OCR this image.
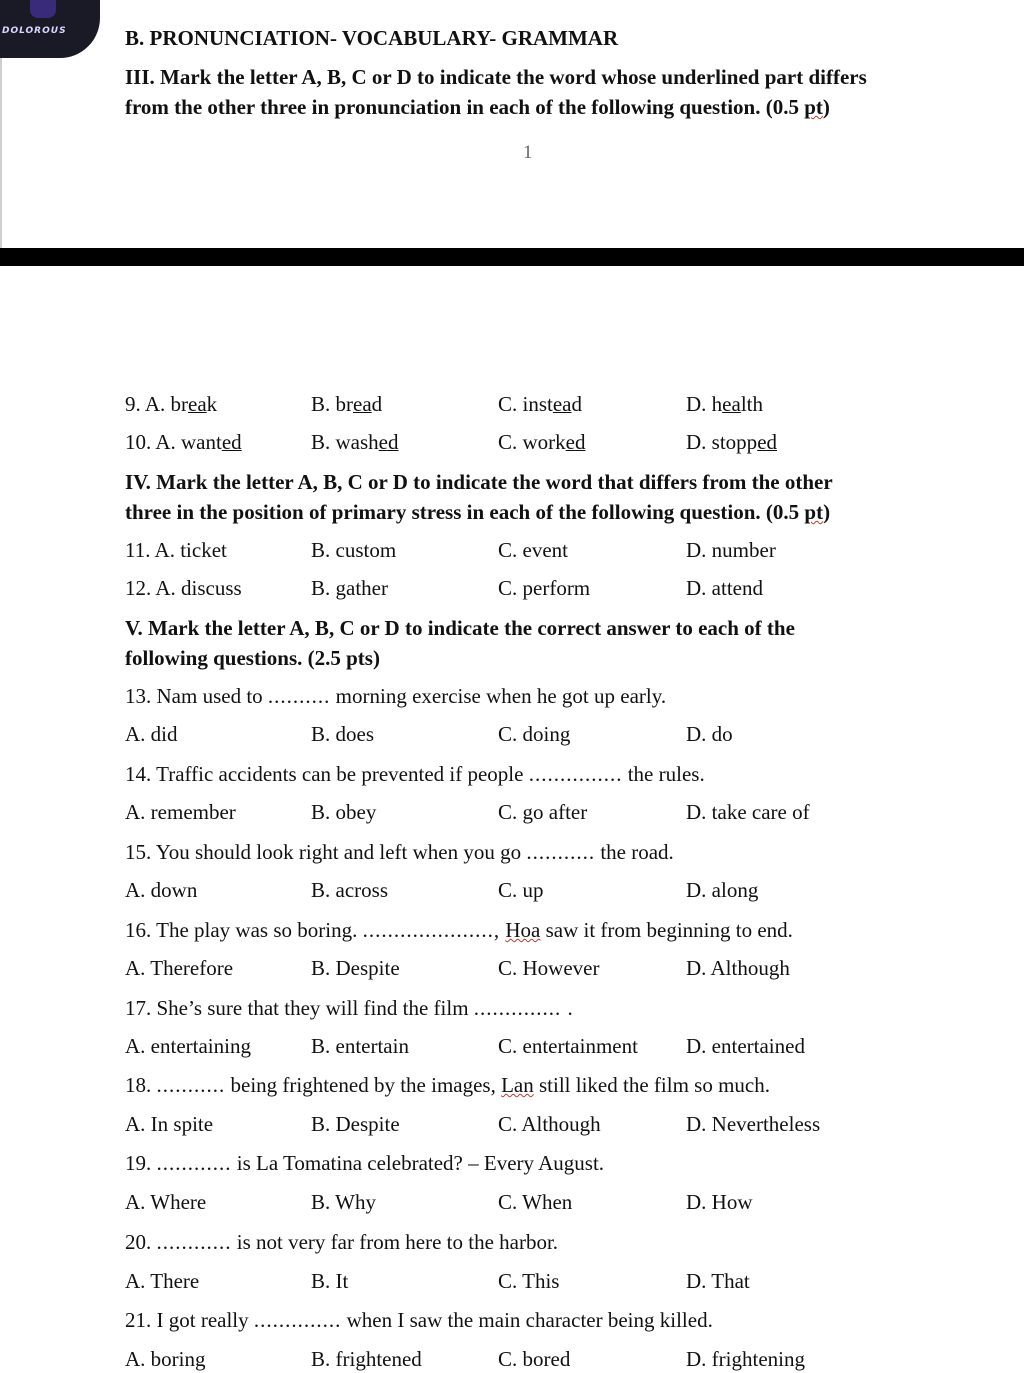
DOLOROUS	B. PRONUNCIATION- VOCABULARY- GRAMMAR
III. Mark the letter A, B, C or D to indicate the word whose underlined part differs
from the other three in pronunciation in each of the following question. (0.5 pt)
1
9. A. break	B. bread	C. instead	D. health
10. A. wanted	B. washed	C. worked	D. stopped
IV. Mark the letter A, B, C or D to indicate the word that differs from the other
three in the position of primary stress in each of the following question. (0.5 pt)
11. A. ticket	B. custom	C. event	D. number
12. A. discuss	B. gather	C. perform	D. attend
V. Mark the letter A, B, C or D to indicate the correct answer to each of the
following questions. (2.5 pts)
13. Nam used to .......... morning exercise when he got up early.
A. did	B. does	C. doing	D. do
14. Traffic accidents can be prevented if people ............... the rules.
A. remember	B. obey	C. go after	D. take care of
15. You should look right and left when you go ........... the road.
A. down	B. across	C. up	D. along
16. The play was so boring. ....................., Hoa saw it from beginning to end.
A. Therefore	B. Despite	C. However	D. Although
17. She’s sure that they will find the film .............. .
A. entertaining	B. entertain	C. entertainment D. entertained
18. ........... being frightened by the images, Lan still liked the film so much.
A. In spite	B. Despite	C. Although	D. Nevertheless
19. ............ is La Tomatina celebrated? – Every August.
A. Where	B. Why	C. When	D. How
20. ............ is not very far from here to the harbor.
A. There	B. It	C. This	D. That
21. I got really .............. when I saw the main character being killed.
A. boring	B. frightened	C. bored	D. frightening
